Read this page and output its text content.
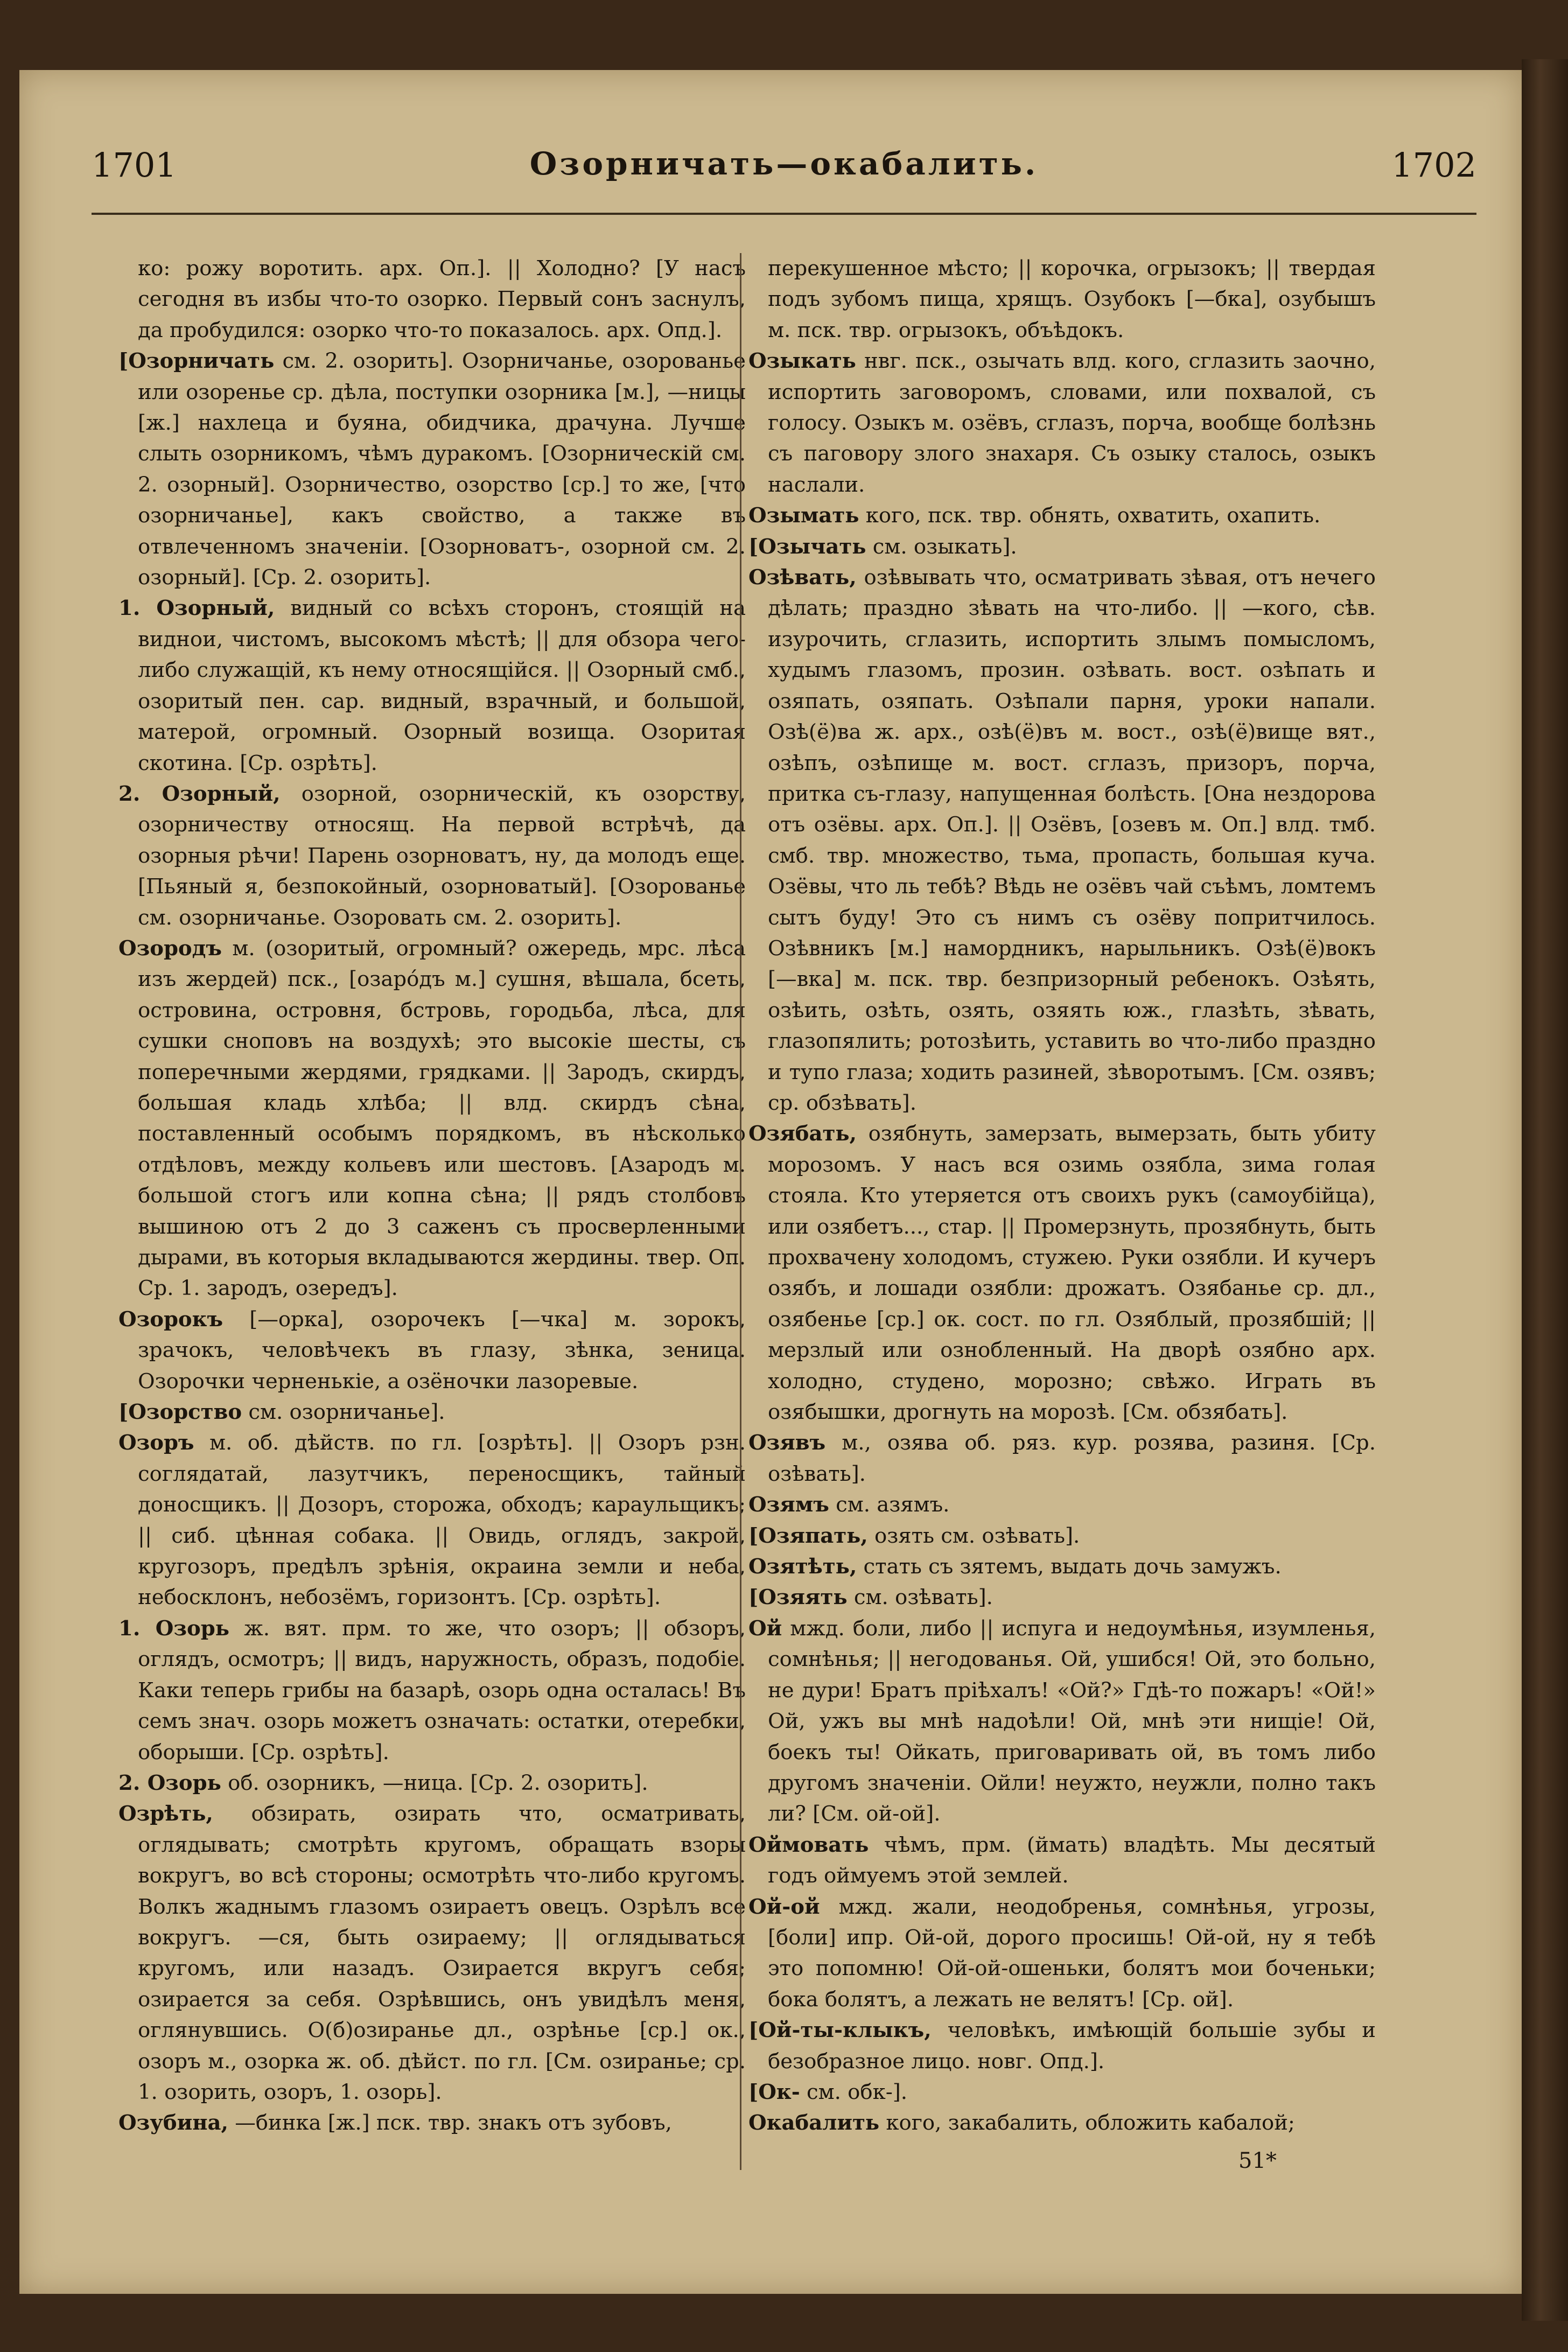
1701	Озорничать—окабалить.	1702

ко: рожу воротить. арх. Оп.]. || Холодно? [У насъ сегодня въ избы что-то озорко. Первый сонъ заснулъ, да пробудился: озорко что-то показалось. арх. Опд.].

[Озорничать см. 2. озорить]. Озорничанье, озорованье или озоренье ср. дѣла, поступки озорника [м.], —ницы [ж.] нахлеца и буяна, обидчика, драчуна. Лучше слыть озорникомъ, чѣмъ дуракомъ. [Озорническій см. 2. озорный]. Озорничество, озорство [ср.] то же, [что озорничанье], какъ свойство, а также въ отвлеченномъ значеніи. [Озорноватъ-, озорной см. 2. озорный]. [Ср. 2. озорить].

1. Озорный, видный со всѣхъ сторонъ, стоящій на виднои, чистомъ, высокомъ мѣстѣ; || для обзора чего-либо служащій, къ нему относящійся. || Озорный смб., озоритый пен. сар. видный, взрачный, и большой, матерой, огромный. Озорный возища. Озоритая скотина. [Ср. озрѣть].

2. Озорный, озорной, озорническій, къ озорству, озорничеству относящ. На первой встрѣчѣ, да озорныя рѣчи! Парень озорноватъ, ну, да молодъ еще. [Пьяный я, безпокойный, озорноватый]. [Озорованье см. озорничанье. Озоровать см. 2. озорить].

Озородъ м. (озоритый, огромный? ожередь, мрс. лѣса изъ жердей) пск., [озарóдъ м.] сушня, вѣшала, бсеть, островина, островня, бстровь, городьба, лѣса, для сушки сноповъ на воздухѣ; это высокіе шесты, съ поперечными жердями, грядками. || Зародъ, скирдъ, большая кладь хлѣба; || влд. скирдъ сѣна, поставленный особымъ порядкомъ, въ нѣсколько отдѣловъ, между кольевъ или шестовъ. [Азародъ м. большой стогъ или копна сѣна; || рядъ столбовъ вышиною отъ 2 до 3 саженъ съ просверленными дырами, въ которыя вкладываются жердины. твер. Оп. Ср. 1. зародъ, озередъ].

Озорокъ [—орка], озорочекъ [—чка] м. зорокъ, зрачокъ, человѣчекъ въ глазу, зѣнка, зеница. Озорочки черненькіе, а озёночки лазоревые.

[Озорство см. озорничанье].

Озоръ м. об. дѣйств. по гл. [озрѣть]. || Озоръ рзн. соглядатай, лазутчикъ, переносщикъ, тайный доносщикъ. || Дозоръ, сторожа, обходъ; караульщикъ; || сиб. цѣнная собака. || Овидь, оглядъ, закрой, кругозоръ, предѣлъ зрѣнія, окраина земли и неба, небосклонъ, небозёмъ, горизонтъ. [Ср. озрѣть].

1. Озорь ж. вят. прм. то же, что озоръ; || обзоръ, оглядъ, осмотръ; || видъ, наружность, образъ, подобіе. Каки теперь грибы на базарѣ, озорь одна осталась! Въ семъ знач. озорь можетъ означать: остатки, отеребки, оборыши. [Ср. озрѣть].

2. Озорь об. озорникъ, —ница. [Ср. 2. озорить].

Озрѣть, обзирать, озирать что, осматривать, оглядывать; смотрѣть кругомъ, обращать взоры вокругъ, во всѣ стороны; осмотрѣть что-либо кругомъ. Волкъ жаднымъ глазомъ озираетъ овецъ. Озрѣлъ все вокругъ. —ся, быть озираему; || оглядываться кругомъ, или назадъ. Озирается вкругъ себя; озирается за себя. Озрѣвшись, онъ увидѣлъ меня, оглянувшись. О(б)озиранье дл., озрѣнье [ср.] ок., озоръ м., озорка ж. об. дѣйст. по гл. [См. озиранье; ср. 1. озорить, озоръ, 1. озорь].

Озубина, —бинка [ж.] пск. твр. знакъ отъ зубовъ,

перекушенное мѣсто; || корочка, огрызокъ; || твердая подъ зубомъ пища, хрящъ. Озубокъ [—бка], озубышъ м. пск. твр. огрызокъ, объѣдокъ.

Озыкать нвг. пск., озычать влд. кого, сглазить заочно, испортить заговоромъ, словами, или похвалой, съ голосу. Озыкъ м. озёвъ, сглазъ, порча, вообще болѣзнь съ паговору злого знахаря. Съ озыку сталось, озыкъ наслали.

Озымать кого, пск. твр. обнять, охватить, охапить.

[Озычать см. озыкать].

Озѣвать, озѣвывать что, осматривать зѣвая, отъ нечего дѣлать; праздно зѣвать на что-либо. || —кого, сѣв. изурочить, сглазить, испортить злымъ помысломъ, худымъ глазомъ, прозин. озѣвать. вост. озѣпать и озяпать, озяпать. Озѣпали парня, уроки напали. Озѣ(ё)ва ж. арх., озѣ(ё)въ м. вост., озѣ(ё)вище вят., озѣпъ, озѣпище м. вост. сглазъ, призоръ, порча, притка съ-глазу, напущенная болѣсть. [Она нездорова отъ озёвы. арх. Оп.]. || Озёвъ, [озевъ м. Оп.] влд. тмб. смб. твр. множество, тьма, пропасть, большая куча. Озёвы, что ль тебѣ? Вѣдь не озёвъ чай съѣмъ, ломтемъ сытъ буду! Это съ нимъ съ озёву попритчилось. Озѣвникъ [м.] намордникъ, нарыльникъ. Озѣ(ё)вокъ [—вка] м. пск. твр. безпризорный ребенокъ. Озѣять, озѣить, озѣть, озять, озяять юж., глазѣть, зѣвать, глазопялить; ротозѣить, уставить во что-либо праздно и тупо глаза; ходить разиней, зѣворотымъ. [См. озявъ; ср. обзѣвать].

Озябать, озябнуть, замерзать, вымерзать, быть убиту морозомъ. У насъ вся озимь озябла, зима голая стояла. Кто утеряется отъ своихъ рукъ (самоубійца), или озябетъ..., стар. || Промерзнуть, прозябнуть, быть прохвачену холодомъ, стужею. Руки озябли. И кучеръ озябъ, и лошади озябли: дрожатъ. Озябанье ср. дл., озябенье [ср.] ок. сост. по гл. Озяблый, прозябшій; || мерзлый или ознобленный. На дворѣ озябно арх. холодно, студено, морозно; свѣжо. Играть въ озябышки, дрогнуть на морозѣ. [См. обзябать].

Озявъ м., озява об. ряз. кур. розява, разиня. [Ср. озѣвать].

Озямъ см. азямъ.

[Озяпать, озять см. озѣвать].

Озятѣть, стать съ зятемъ, выдать дочь замужъ.

[Озяять см. озѣвать].

Ой мжд. боли, либо || испуга и недоумѣнья, изумленья, сомнѣнья; || негодованья. Ой, ушибся! Ой, это больно, не дури! Братъ пріѣхалъ! «Ой?» Гдѣ-то пожаръ! «Ой!» Ой, ужъ вы мнѣ надоѣли! Ой, мнѣ эти нищіе! Ой, боекъ ты! Ойкать, приговаривать ой, въ томъ либо другомъ значеніи. Ойли! неужто, неужли, полно такъ ли? [См. ой-ой].

Оймовать чѣмъ, прм. (ймать) владѣть. Мы десятый годъ оймуемъ этой землей.

Ой-ой мжд. жали, неодобренья, сомнѣнья, угрозы, [боли] ипр. Ой-ой, дорого просишь! Ой-ой, ну я тебѣ это попомню! Ой-ой-ошеньки, болятъ мои боченьки; бока болятъ, а лежать не велятъ! [Ср. ой].

[Ой-ты-клыкъ, человѣкъ, имѣющій большіе зубы и безобразное лицо. новг. Опд.].

[Ок- см. обк-].

Окабалить кого, закабалить, обложить кабалой;

51*
